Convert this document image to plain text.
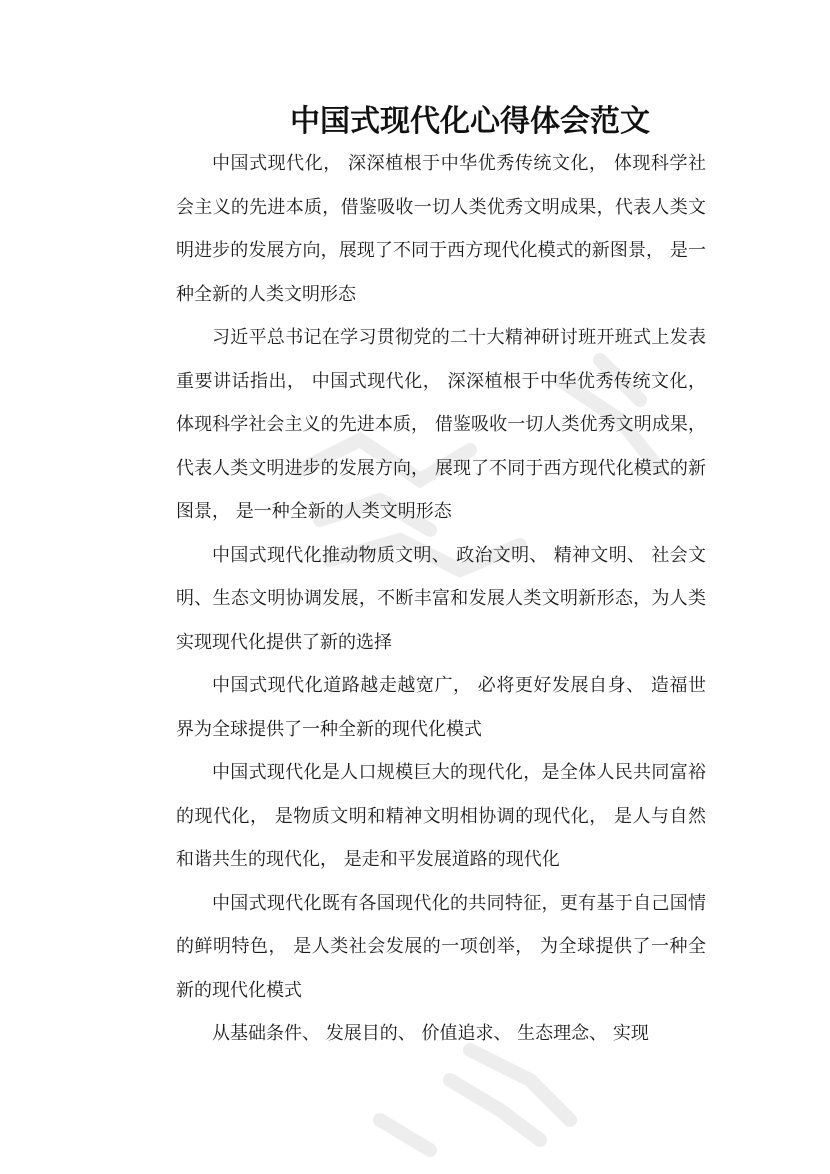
中国式现代化心得体会范文

中国式现代化， 深深植根于中华优秀传统文化， 体现科学社会主义的先进本质，借鉴吸收一切人类优秀文明成果，代表人类文明进步的发展方向，展现了不同于西方现代化模式的新图景， 是一种全新的人类文明形态

习近平总书记在学习贯彻党的二十大精神研讨班开班式上发表重要讲话指出， 中国式现代化， 深深植根于中华优秀传统文化， 体现科学社会主义的先进本质， 借鉴吸收一切人类优秀文明成果， 代表人类文明进步的发展方向， 展现了不同于西方现代化模式的新图景， 是一种全新的人类文明形态

中国式现代化推动物质文明、 政治文明、 精神文明、 社会文明、生态文明协调发展，不断丰富和发展人类文明新形态，为人类实现现代化提供了新的选择

中国式现代化道路越走越宽广， 必将更好发展自身、 造福世界为全球提供了一种全新的现代化模式

中国式现代化是人口规模巨大的现代化，是全体人民共同富裕的现代化， 是物质文明和精神文明相协调的现代化， 是人与自然和谐共生的现代化， 是走和平发展道路的现代化

中国式现代化既有各国现代化的共同特征，更有基于自己国情的鲜明特色， 是人类社会发展的一项创举， 为全球提供了一种全新的现代化模式

从基础条件、 发展目的、 价值追求、 生态理念、 实现
